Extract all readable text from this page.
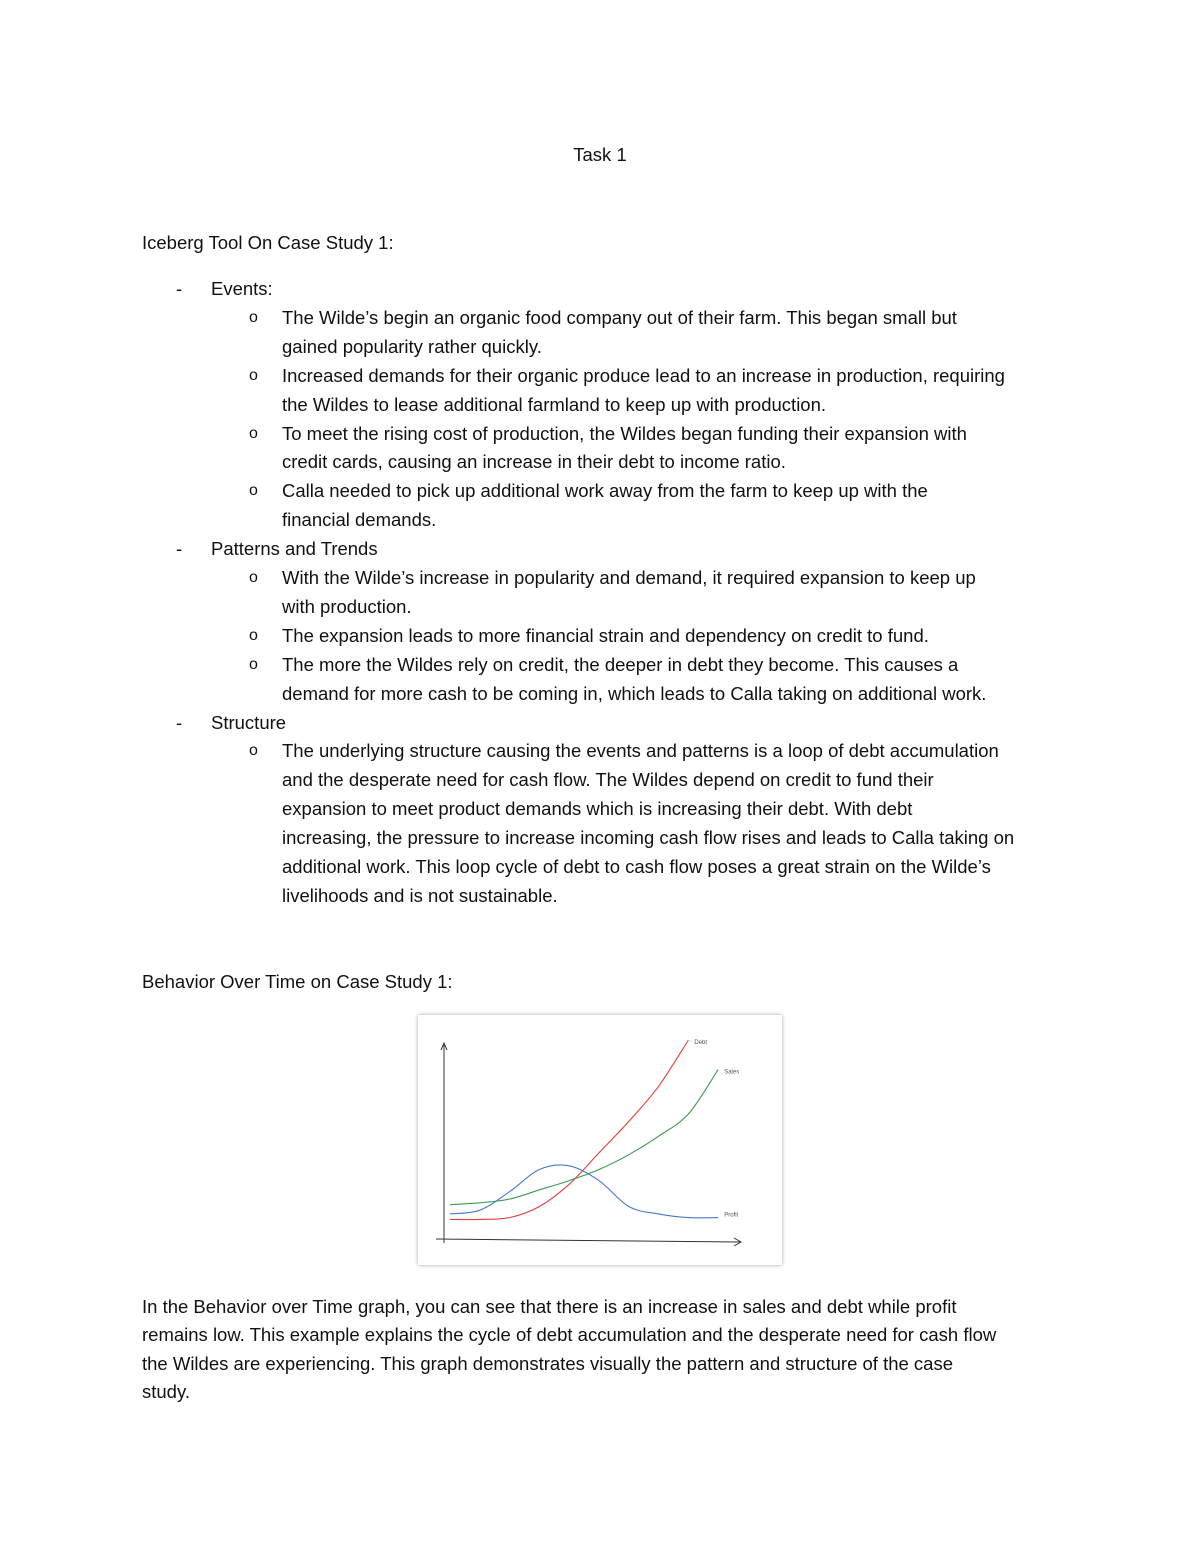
Task 1
Iceberg Tool On Case Study 1:
- Events:
o The Wilde’s begin an organic food company out of their farm. This began small but
gained popularity rather quickly.
o Increased demands for their organic produce lead to an increase in production, requiring
the Wildes to lease additional farmland to keep up with production.
o To meet the rising cost of production, the Wildes began funding their expansion with
credit cards, causing an increase in their debt to income ratio.
o Calla needed to pick up additional work away from the farm to keep up with the
financial demands.
- Patterns and Trends
o With the Wilde’s increase in popularity and demand, it required expansion to keep up
with production.
o The expansion leads to more financial strain and dependency on credit to fund.
o The more the Wildes rely on credit, the deeper in debt they become. This causes a
demand for more cash to be coming in, which leads to Calla taking on additional work.
- Structure
o The underlying structure causing the events and patterns is a loop of debt accumulation
and the desperate need for cash flow. The Wildes depend on credit to fund their
expansion to meet product demands which is increasing their debt. With debt
increasing, the pressure to increase incoming cash flow rises and leads to Calla taking on
additional work. This loop cycle of debt to cash flow poses a great strain on the Wilde’s
livelihoods and is not sustainable.
Behavior Over Time on Case Study 1:
Debt
Sales
Profit
In the Behavior over Time graph, you can see that there is an increase in sales and debt while profit
remains low. This example explains the cycle of debt accumulation and the desperate need for cash flow
the Wildes are experiencing. This graph demonstrates visually the pattern and structure of the case
study.
